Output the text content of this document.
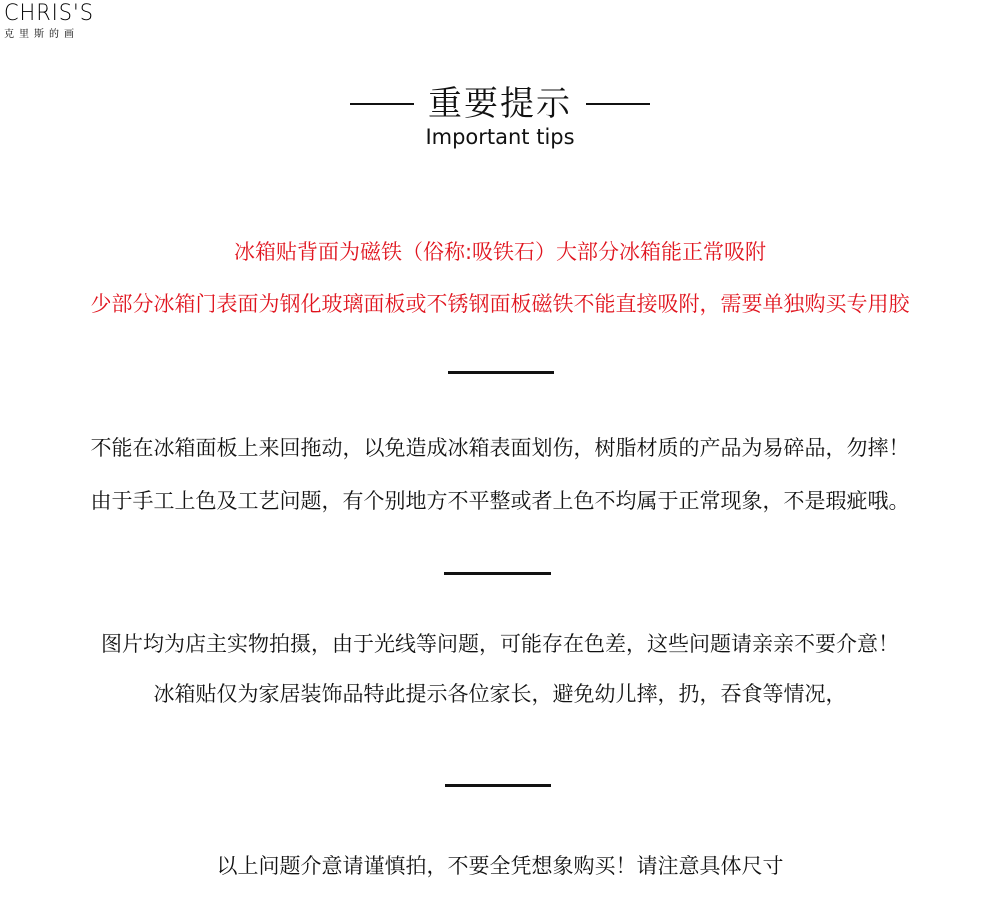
CHRIS'S
克里斯的画
重要提示
Important tips
冰箱贴背面为磁铁（俗称:吸铁石）大部分冰箱能正常吸附
少部分冰箱门表面为钢化玻璃面板或不锈钢面板磁铁不能直接吸附，需要单独购买专用胶
不能在冰箱面板上来回拖动，以免造成冰箱表面划伤，树脂材质的产品为易碎品，勿摔！
由于手工上色及工艺问题，有个别地方不平整或者上色不均属于正常现象，不是瑕疵哦。
图片均为店主实物拍摄，由于光线等问题，可能存在色差，这些问题请亲亲不要介意！
冰箱贴仅为家居装饰品特此提示各位家长，避免幼儿摔，扔，吞食等情况，
以上问题介意请谨慎拍，不要全凭想象购买！请注意具体尺寸
